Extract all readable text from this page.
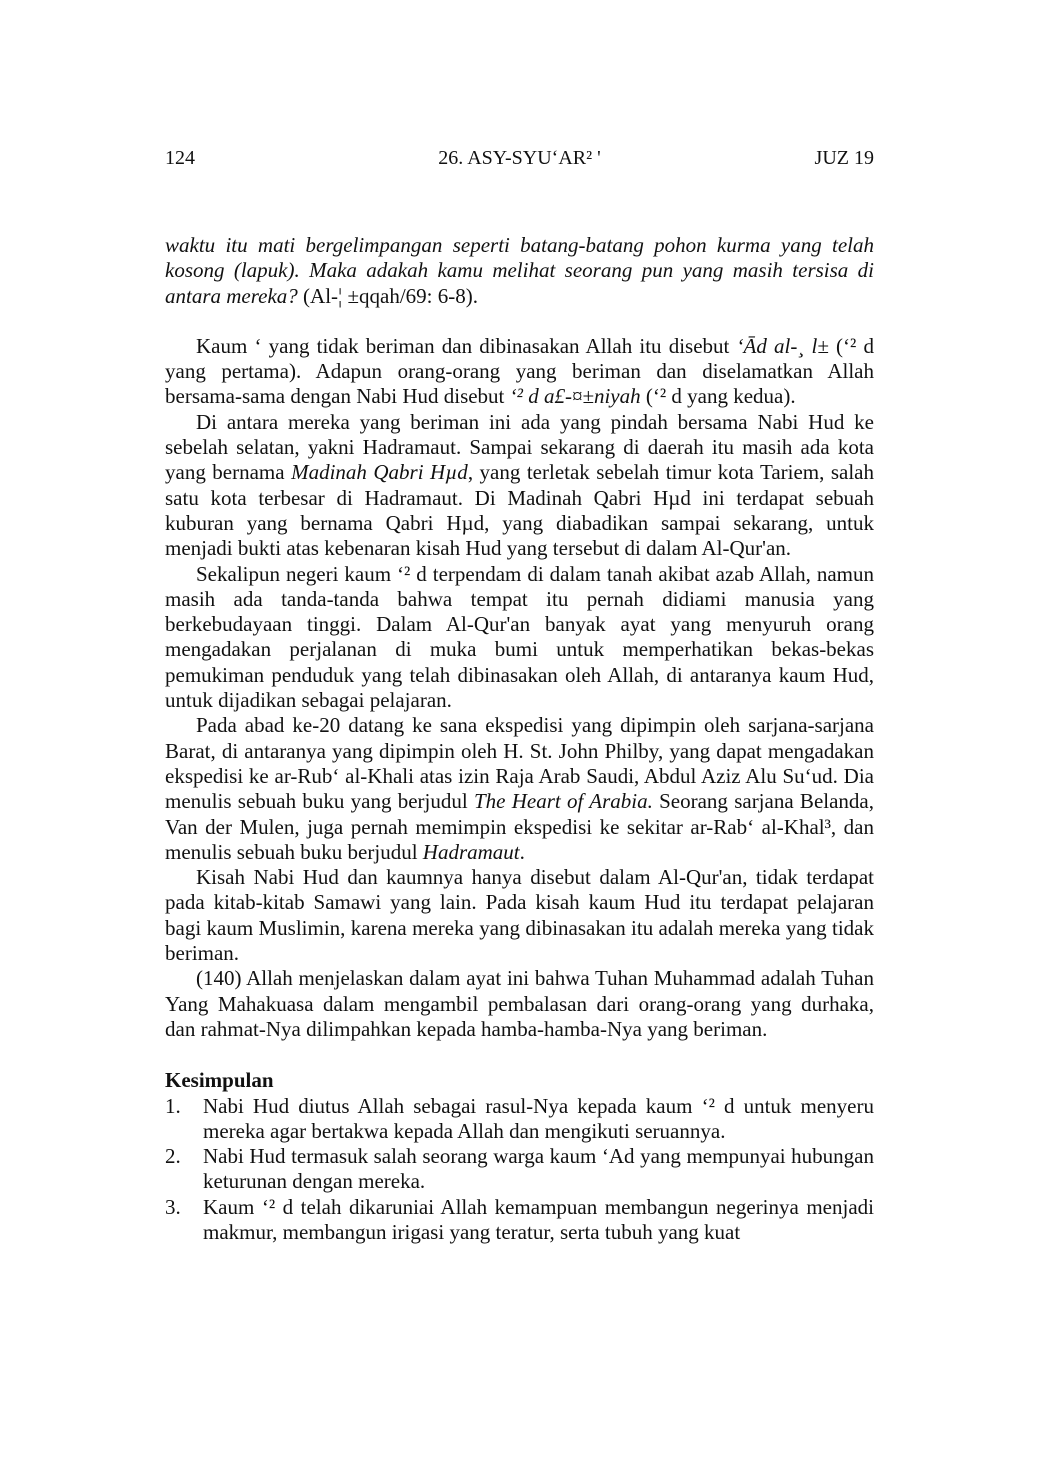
124	26. ASY-SYU‘AR² '	JUZ 19

waktu itu mati bergelimpangan seperti batang-batang pohon kurma yang telah kosong (lapuk). Maka adakah kamu melihat seorang pun yang masih tersisa di antara mereka? (Al-¦ ±qqah/69: 6-8).

Kaum ‘ yang tidak beriman dan dibinasakan Allah itu disebut ‘Ād al-¸ l± (‘² d yang pertama). Adapun orang-orang yang beriman dan diselamatkan Allah bersama-sama dengan Nabi Hud disebut ‘² d a£-¤±niyah (‘² d yang kedua).

Di antara mereka yang beriman ini ada yang pindah bersama Nabi Hud ke sebelah selatan, yakni Hadramaut. Sampai sekarang di daerah itu masih ada kota yang bernama Madinah Qabri Hµd, yang terletak sebelah timur kota Tariem, salah satu kota terbesar di Hadramaut. Di Madinah Qabri Hµd ini terdapat sebuah kuburan yang bernama Qabri Hµd, yang diabadikan sampai sekarang, untuk menjadi bukti atas kebenaran kisah Hud yang tersebut di dalam Al-Qur'an.

Sekalipun negeri kaum ‘² d terpendam di dalam tanah akibat azab Allah, namun masih ada tanda-tanda bahwa tempat itu pernah didiami manusia yang berkebudayaan tinggi. Dalam Al-Qur'an banyak ayat yang menyuruh orang mengadakan perjalanan di muka bumi untuk memperhatikan bekas-bekas pemukiman penduduk yang telah dibinasakan oleh Allah, di antaranya kaum Hud, untuk dijadikan sebagai pelajaran.

Pada abad ke-20 datang ke sana ekspedisi yang dipimpin oleh sarjana-sarjana Barat, di antaranya yang dipimpin oleh H. St. John Philby, yang dapat mengadakan ekspedisi ke ar-Rub‘ al-Khali atas izin Raja Arab Saudi, Abdul Aziz Alu Su‘ud. Dia menulis sebuah buku yang berjudul The Heart of Arabia. Seorang sarjana Belanda, Van der Mulen, juga pernah memimpin ekspedisi ke sekitar ar-Rab‘ al-Khal³, dan menulis sebuah buku berjudul Hadramaut.

Kisah Nabi Hud dan kaumnya hanya disebut dalam Al-Qur'an, tidak terdapat pada kitab-kitab Samawi yang lain. Pada kisah kaum Hud itu terdapat pelajaran bagi kaum Muslimin, karena mereka yang dibinasakan itu adalah mereka yang tidak beriman.

(140) Allah menjelaskan dalam ayat ini bahwa Tuhan Muhammad adalah Tuhan Yang Mahakuasa dalam mengambil pembalasan dari orang-orang yang durhaka, dan rahmat-Nya dilimpahkan kepada hamba-hamba-Nya yang beriman.

Kesimpulan
1. Nabi Hud diutus Allah sebagai rasul-Nya kepada kaum ‘² d untuk menyeru mereka agar bertakwa kepada Allah dan mengikuti seruannya.
2. Nabi Hud termasuk salah seorang warga kaum ‘Ad yang mempunyai hubungan keturunan dengan mereka.
3. Kaum ‘² d telah dikaruniai Allah kemampuan membangun negerinya menjadi makmur, membangun irigasi yang teratur, serta tubuh yang kuat
